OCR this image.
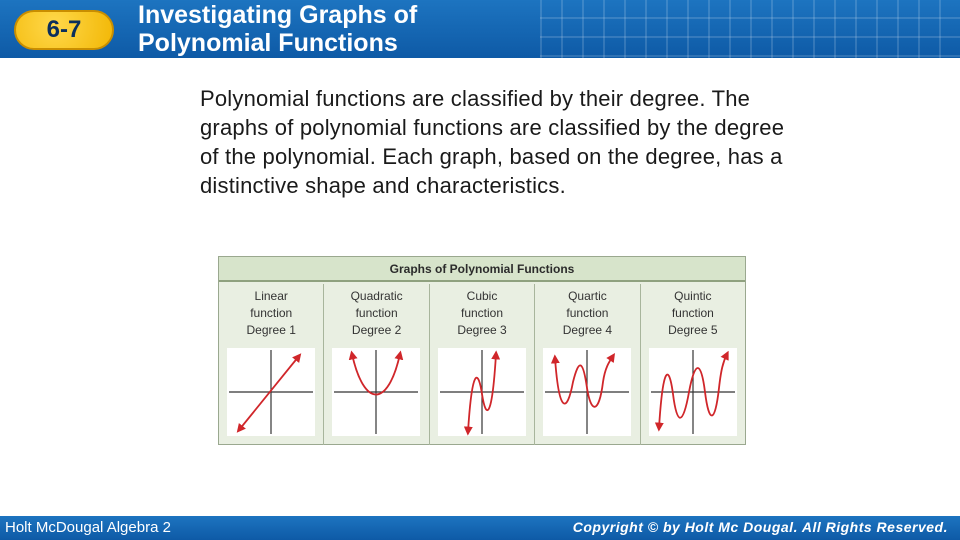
6-7
Investigating Graphs of
Polynomial Functions
Polynomial functions are classified by their degree. The graphs of polynomial functions are classified by the degree of the polynomial. Each graph, based on the degree, has a distinctive shape and characteristics.
Graphs of Polynomial Functions
Linear
function
Degree 1
Quadratic
function
Degree 2
Cubic
function
Degree 3
Quartic
function
Degree 4
Quintic
function
Degree 5
Holt McDougal Algebra 2	Copyright © by Holt Mc Dougal. All Rights Reserved.
